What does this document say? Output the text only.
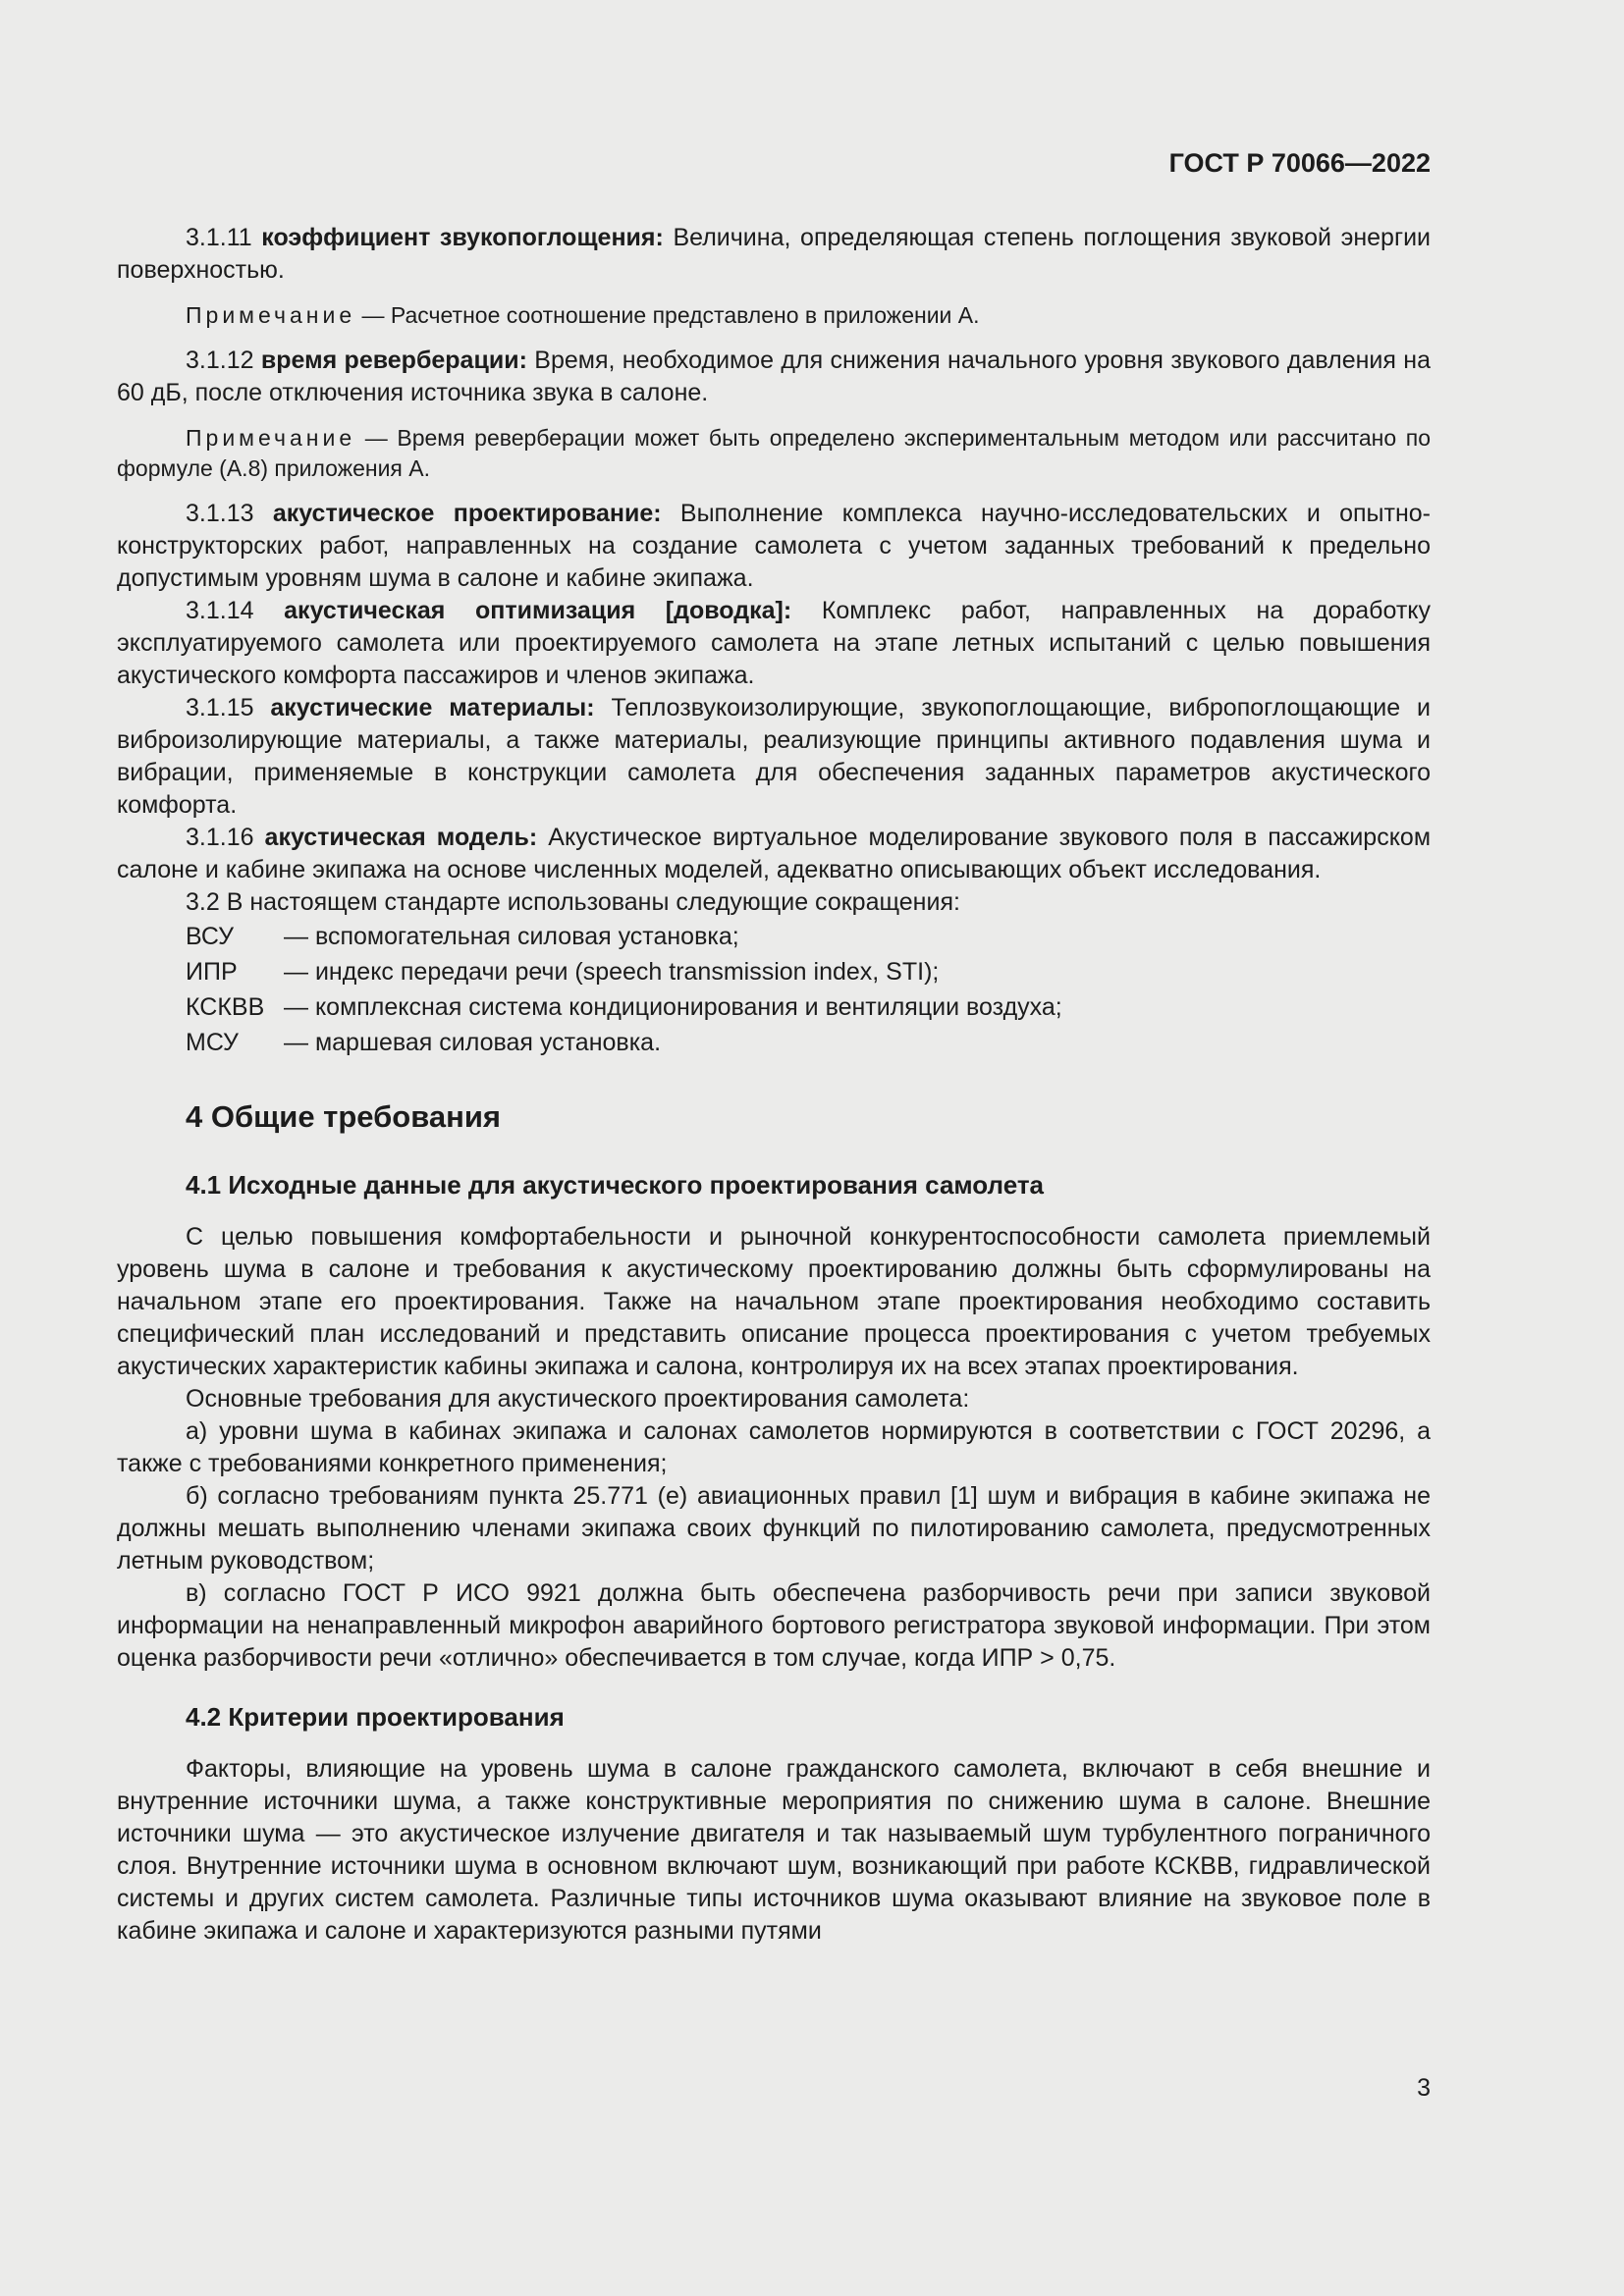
ГОСТ Р 70066—2022

3.1.11 коэффициент звукопоглощения: Величина, определяющая степень поглощения звуковой энергии поверхностью.

Примечание — Расчетное соотношение представлено в приложении А.

3.1.12 время реверберации: Время, необходимое для снижения начального уровня звукового давления на 60 дБ, после отключения источника звука в салоне.

Примечание — Время реверберации может быть определено экспериментальным методом или рассчитано по формуле (А.8) приложения А.

3.1.13 акустическое проектирование: Выполнение комплекса научно-исследовательских и опытно-конструкторских работ, направленных на создание самолета с учетом заданных требований к предельно допустимым уровням шума в салоне и кабине экипажа.

3.1.14 акустическая оптимизация [доводка]: Комплекс работ, направленных на доработку эксплуатируемого самолета или проектируемого самолета на этапе летных испытаний с целью повышения акустического комфорта пассажиров и членов экипажа.

3.1.15 акустические материалы: Теплозвукоизолирующие, звукопоглощающие, вибропоглощающие и виброизолирующие материалы, а также материалы, реализующие принципы активного подавления шума и вибрации, применяемые в конструкции самолета для обеспечения заданных параметров акустического комфорта.

3.1.16 акустическая модель: Акустическое виртуальное моделирование звукового поля в пассажирском салоне и кабине экипажа на основе численных моделей, адекватно описывающих объект исследования.

3.2 В настоящем стандарте использованы следующие сокращения:

ВСУ	— вспомогательная силовая установка;
ИПР	— индекс передачи речи (speech transmission index, STI);
КСКВВ — комплексная система кондиционирования и вентиляции воздуха;
МСУ	— маршевая силовая установка.
4 Общие требования
4.1 Исходные данные для акустического проектирования самолета

С целью повышения комфортабельности и рыночной конкурентоспособности самолета приемлемый уровень шума в салоне и требования к акустическому проектированию должны быть сформулированы на начальном этапе его проектирования. Также на начальном этапе проектирования необходимо составить специфический план исследований и представить описание процесса проектирования с учетом требуемых акустических характеристик кабины экипажа и салона, контролируя их на всех этапах проектирования.

Основные требования для акустического проектирования самолета:

а) уровни шума в кабинах экипажа и салонах самолетов нормируются в соответствии с ГОСТ 20296, а также с требованиями конкретного применения;

б) согласно требованиям пункта 25.771 (е) авиационных правил [1] шум и вибрация в кабине экипажа не должны мешать выполнению членами экипажа своих функций по пилотированию самолета, предусмотренных летным руководством;

в) согласно ГОСТ Р ИСО 9921 должна быть обеспечена разборчивость речи при записи звуковой информации на ненаправленный микрофон аварийного бортового регистратора звуковой информации. При этом оценка разборчивости речи «отлично» обеспечивается в том случае, когда ИПР > 0,75.

4.2 Критерии проектирования

Факторы, влияющие на уровень шума в салоне гражданского самолета, включают в себя внешние и внутренние источники шума, а также конструктивные мероприятия по снижению шума в салоне. Внешние источники шума — это акустическое излучение двигателя и так называемый шум турбулентного пограничного слоя. Внутренние источники шума в основном включают шум, возникающий при работе КСКВВ, гидравлической системы и других систем самолета. Различные типы источников шума оказывают влияние на звуковое поле в кабине экипажа и салоне и характеризуются разными путями

3
